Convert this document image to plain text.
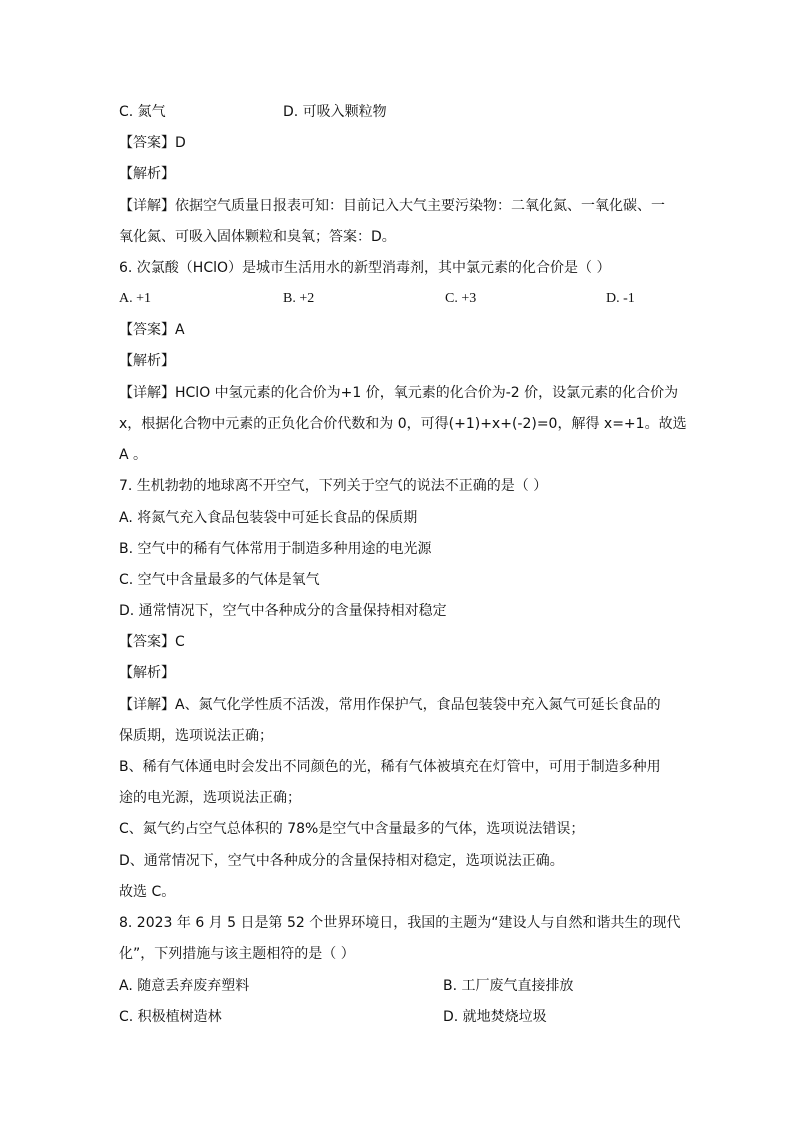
C. 氮气	D. 可吸入颗粒物
【答案】D
【解析】
【详解】依据空气质量日报表可知：目前记入大气主要污染物：二氧化氮、一氧化碳、一
氧化氮、可吸入固体颗粒和臭氧；答案：D。
6. 次氯酸（HClO）是城市生活用水的新型消毒剂，其中氯元素的化合价是（ ）
A. +1	B. +2	C. +3	D. -1
【答案】A
【解析】
【详解】HClO 中氢元素的化合价为+1 价，氧元素的化合价为-2 价，设氯元素的化合价为
x，根据化合物中元素的正负化合价代数和为 0，可得(+1)+x+(-2)=0，解得 x=+1。故选
A 。
7. 生机勃勃的地球离不开空气，下列关于空气的说法不正确的是（ ）
A. 将氮气充入食品包装袋中可延长食品的保质期
B. 空气中的稀有气体常用于制造多种用途的电光源
C. 空气中含量最多的气体是氧气
D. 通常情况下，空气中各种成分的含量保持相对稳定
【答案】C
【解析】
【详解】A、氮气化学性质不活泼，常用作保护气，食品包装袋中充入氮气可延长食品的
保质期，选项说法正确；
B、稀有气体通电时会发出不同颜色的光，稀有气体被填充在灯管中，可用于制造多种用
途的电光源，选项说法正确；
C、氮气约占空气总体积的 78%是空气中含量最多的气体，选项说法错误；
D、通常情况下，空气中各种成分的含量保持相对稳定，选项说法正确。
故选 C。
8. 2023 年 6 月 5 日是第 52 个世界环境日，我国的主题为“建设人与自然和谐共生的现代
化”，下列措施与该主题相符的是（ ）
A. 随意丢弃废弃塑料	B. 工厂废气直接排放
C. 积极植树造林	D. 就地焚烧垃圾
